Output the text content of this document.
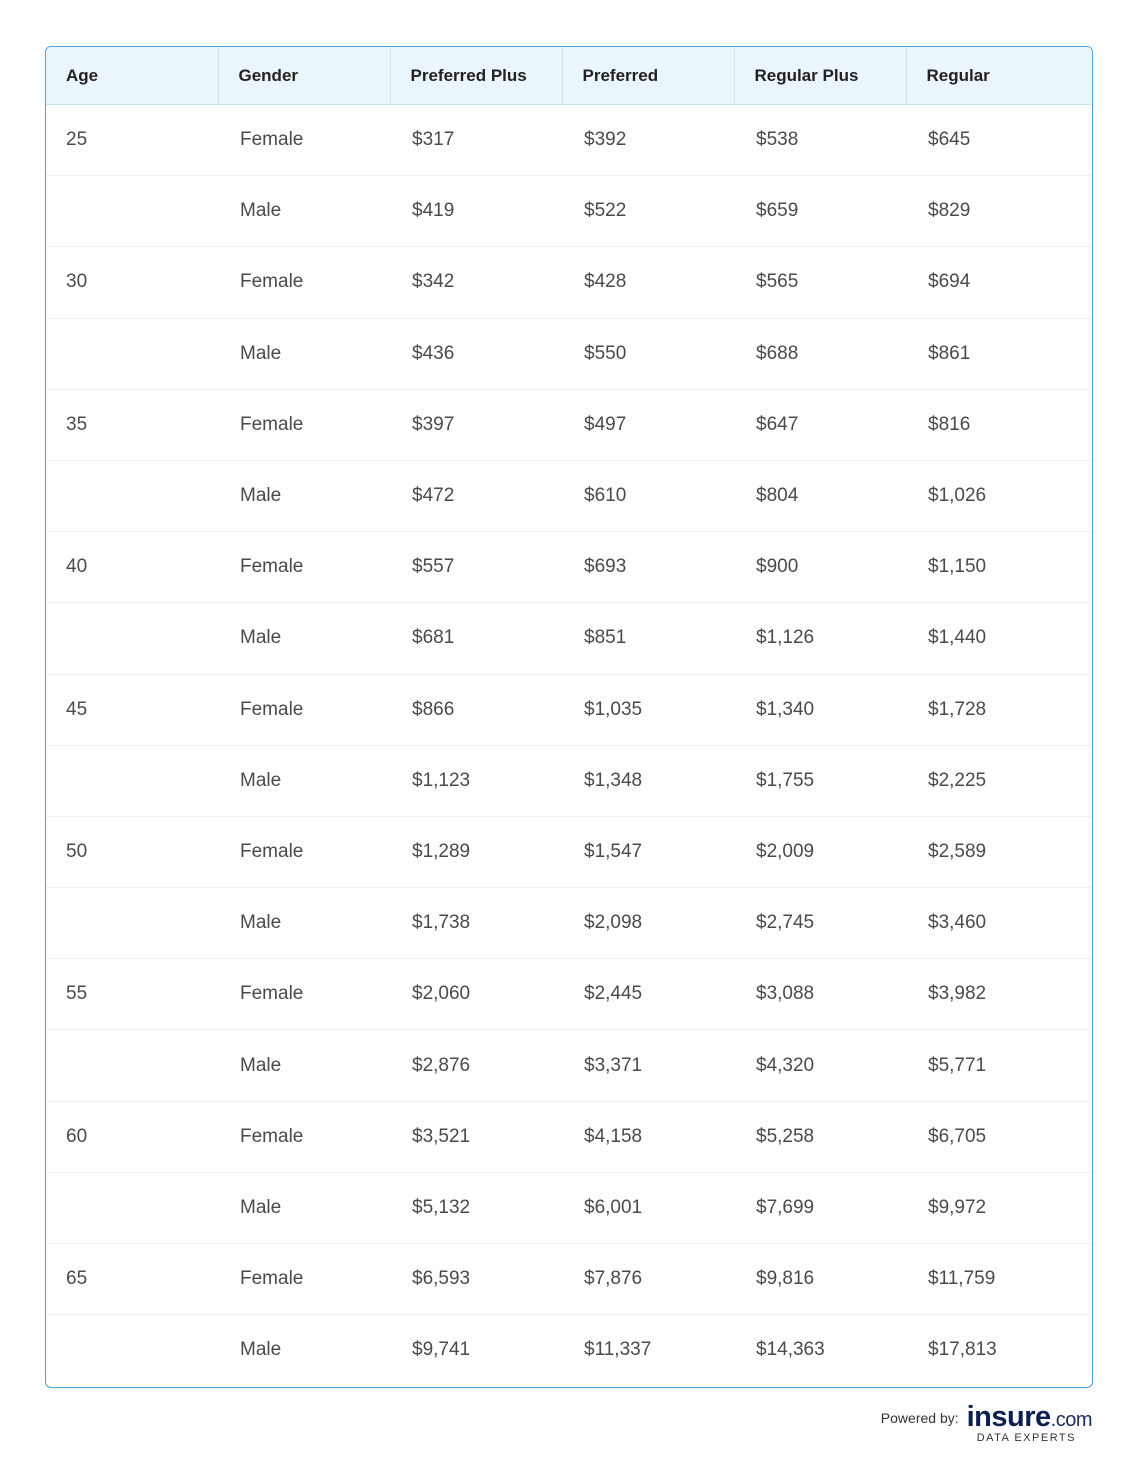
Age	Gender	Preferred Plus	Preferred	Regular Plus	Regular
25	Female	$317	$392	$538	$645
	Male	$419	$522	$659	$829
30	Female	$342	$428	$565	$694
	Male	$436	$550	$688	$861
35	Female	$397	$497	$647	$816
	Male	$472	$610	$804	$1,026
40	Female	$557	$693	$900	$1,150
	Male	$681	$851	$1,126	$1,440
45	Female	$866	$1,035	$1,340	$1,728
	Male	$1,123	$1,348	$1,755	$2,225
50	Female	$1,289	$1,547	$2,009	$2,589
	Male	$1,738	$2,098	$2,745	$3,460
55	Female	$2,060	$2,445	$3,088	$3,982
	Male	$2,876	$3,371	$4,320	$5,771
60	Female	$3,521	$4,158	$5,258	$6,705
	Male	$5,132	$6,001	$7,699	$9,972
65	Female	$6,593	$7,876	$9,816	$11,759
	Male	$9,741	$11,337	$14,363	$17,813
Powered by: insure.com
DATA EXPERTS
